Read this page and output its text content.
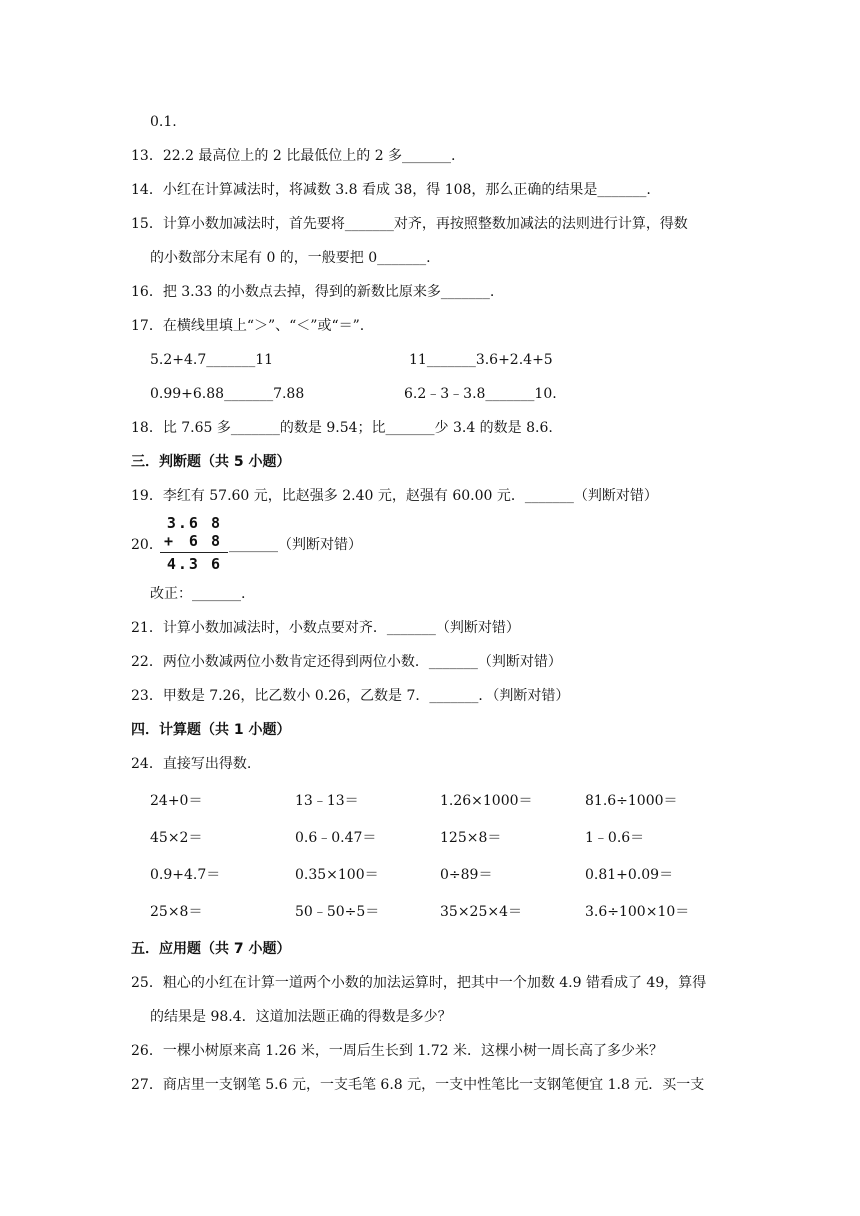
0.1.
13．22.2 最高位上的 2 比最低位上的 2 多_______.
14．小红在计算减法时，将减数 3.8 看成 38，得 108，那么正确的结果是_______.
15．计算小数加减法时，首先要将_______对齐，再按照整数加减法的法则进行计算，得数
的小数部分末尾有 0 的，一般要把 0_______.
16．把 3.33 的小数点去掉，得到的新数比原来多_______.
17．在横线里填上“＞”、“＜”或“＝”.
5.2+4.7_______11	11_______3.6+2.4+5
0.99+6.88_______7.88	6.2﹣3﹣3.8_______10.
18．比 7.65 多_______的数是 9.54；比_______少 3.4 的数是 8.6.
三．判断题（共 5 小题）
19．李红有 57.60 元，比赵强多 2.40 元，赵强有 60.00 元．_______（判断对错）
20．
3.6 8
+ 6 8
4.3 6
_______（判断对错）
改正：_______.
21．计算小数加减法时，小数点要对齐．_______（判断对错）
22．两位小数减两位小数肯定还得到两位小数．_______（判断对错）
23．甲数是 7.26，比乙数小 0.26，乙数是 7．_______．（判断对错）
四．计算题（共 1 小题）
24．直接写出得数.
24+0＝	13﹣13＝	1.26×1000＝	81.6÷1000＝
45×2＝	0.6﹣0.47＝	125×8＝	1﹣0.6＝
0.9+4.7＝	0.35×100＝	0÷89＝	0.81+0.09＝
25×8＝	50﹣50÷5＝	35×25×4＝	3.6÷100×10＝
五．应用题（共 7 小题）
25．粗心的小红在计算一道两个小数的加法运算时，把其中一个加数 4.9 错看成了 49，算得
的结果是 98.4．这道加法题正确的得数是多少？
26．一棵小树原来高 1.26 米，一周后生长到 1.72 米．这棵小树一周长高了多少米？
27．商店里一支钢笔 5.6 元，一支毛笔 6.8 元，一支中性笔比一支钢笔便宜 1.8 元．买一支
